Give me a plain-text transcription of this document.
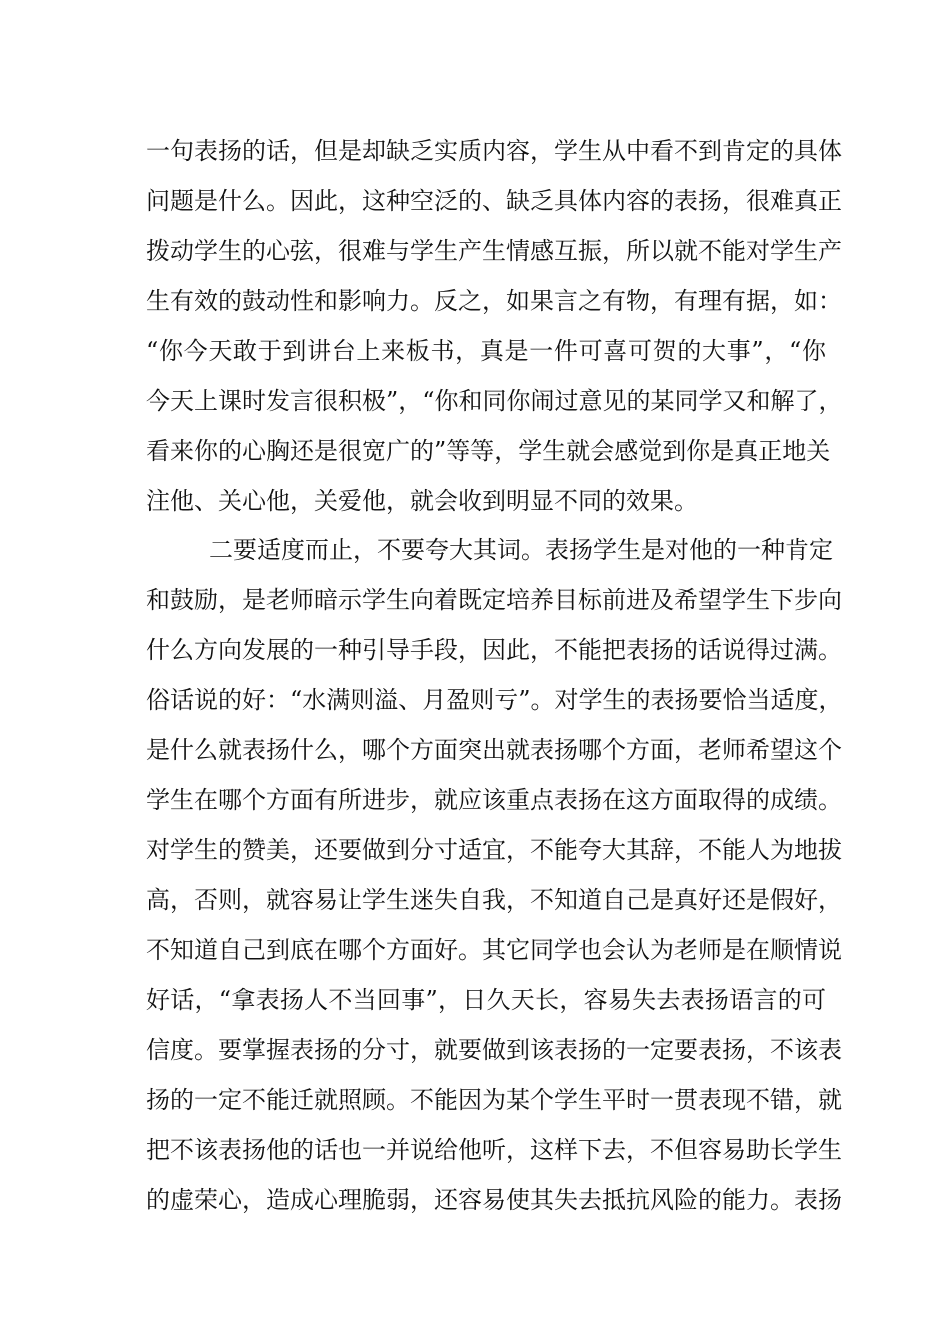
一句表扬的话，但是却缺乏实质内容，学生从中看不到肯定的具体
问题是什么。因此，这种空泛的、缺乏具体内容的表扬，很难真正
拨动学生的心弦，很难与学生产生情感互振，所以就不能对学生产
生有效的鼓动性和影响力。反之，如果言之有物，有理有据，如：
“你今天敢于到讲台上来板书，真是一件可喜可贺的大事”，“你
今天上课时发言很积极”，“你和同你闹过意见的某同学又和解了，
看来你的心胸还是很宽广的”等等，学生就会感觉到你是真正地关
注他、关心他，关爱他，就会收到明显不同的效果。
二要适度而止，不要夸大其词。表扬学生是对他的一种肯定
和鼓励，是老师暗示学生向着既定培养目标前进及希望学生下步向
什么方向发展的一种引导手段，因此，不能把表扬的话说得过满。
俗话说的好：“水满则溢、月盈则亏”。对学生的表扬要恰当适度，
是什么就表扬什么，哪个方面突出就表扬哪个方面，老师希望这个
学生在哪个方面有所进步，就应该重点表扬在这方面取得的成绩。
对学生的赞美，还要做到分寸适宜，不能夸大其辞，不能人为地拔
高，否则，就容易让学生迷失自我，不知道自己是真好还是假好，
不知道自己到底在哪个方面好。其它同学也会认为老师是在顺情说
好话，“拿表扬人不当回事”，日久天长，容易失去表扬语言的可
信度。要掌握表扬的分寸，就要做到该表扬的一定要表扬，不该表
扬的一定不能迁就照顾。不能因为某个学生平时一贯表现不错，就
把不该表扬他的话也一并说给他听，这样下去，不但容易助长学生
的虚荣心，造成心理脆弱，还容易使其失去抵抗风险的能力。表扬
